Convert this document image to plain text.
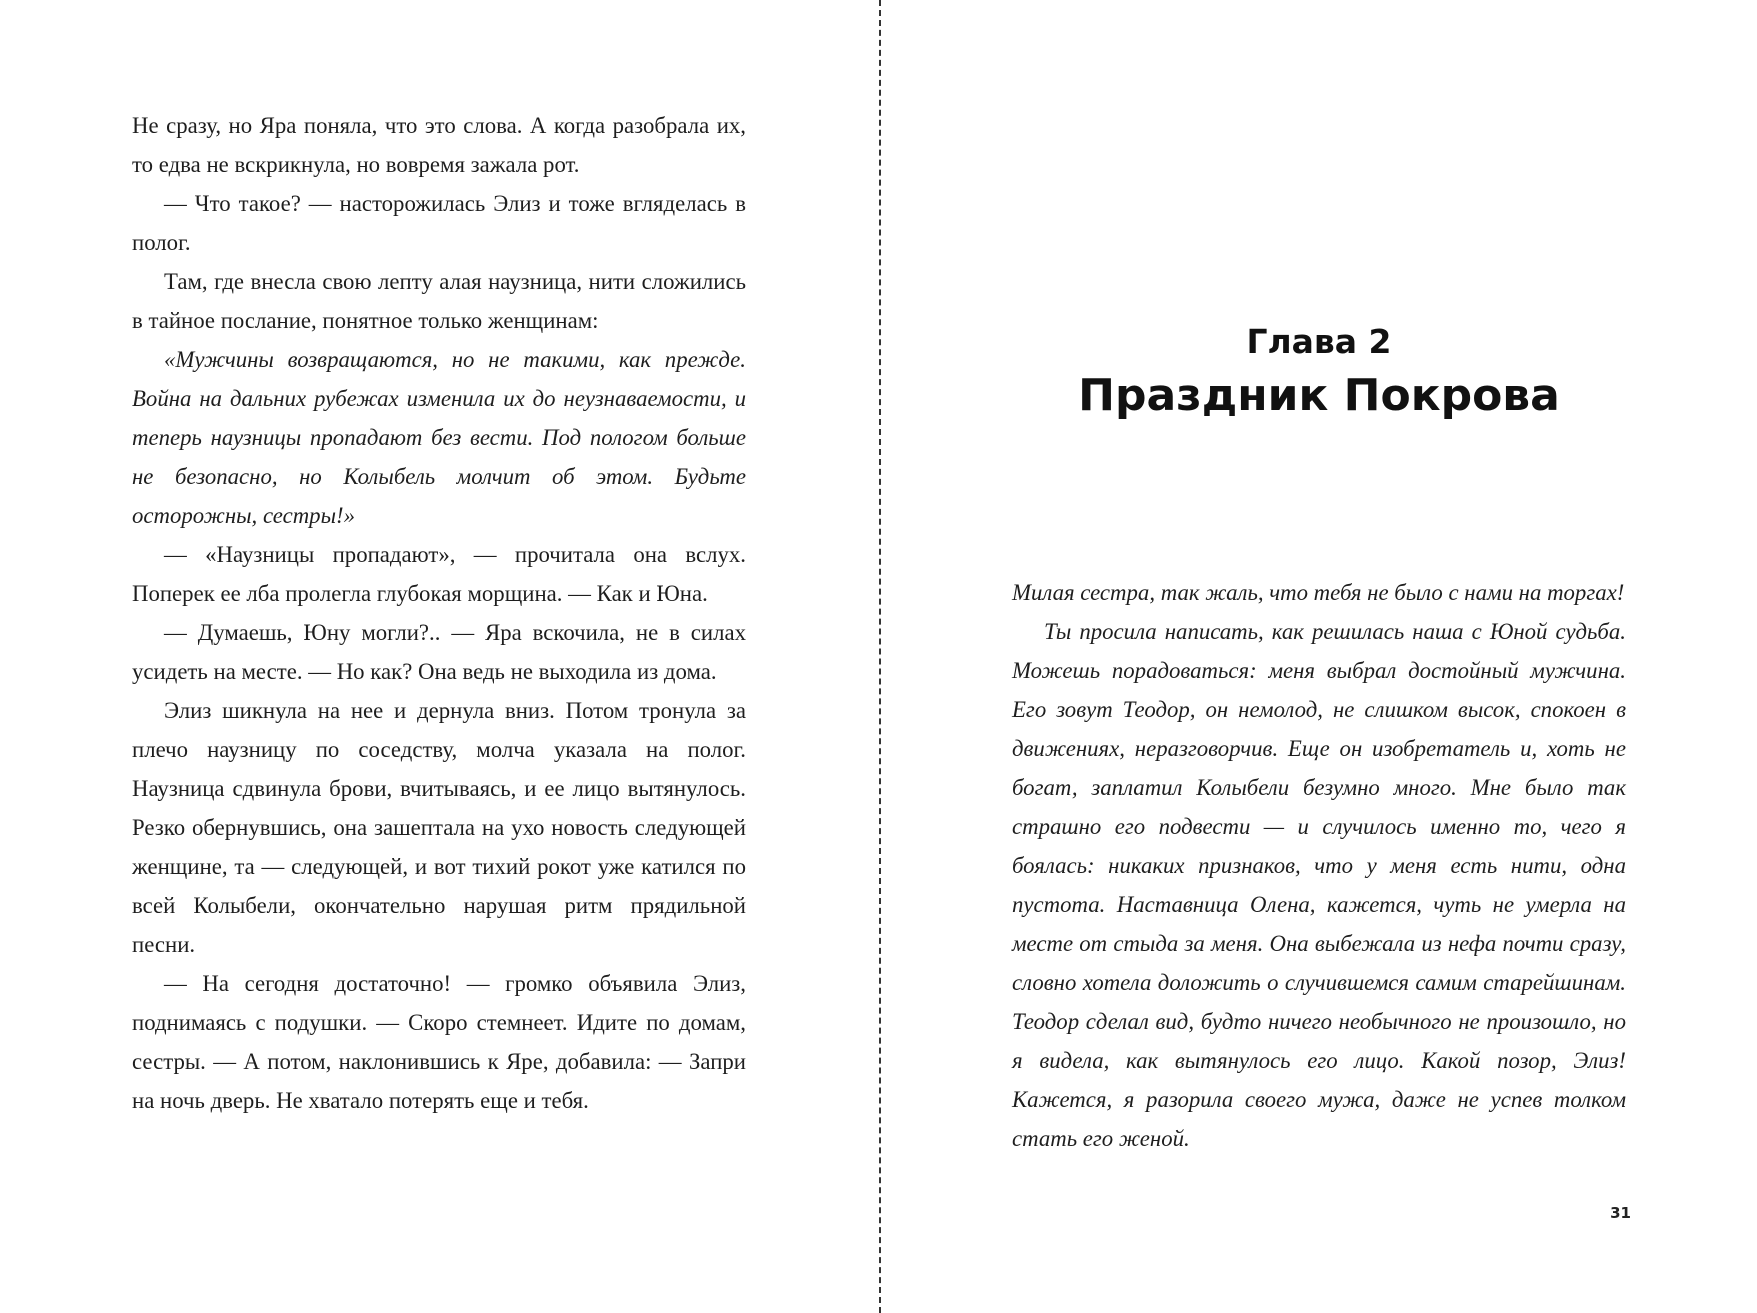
Не сразу, но Яра поняла, что это слова. А когда разобрала их, то едва не вскрикнула, но вовремя зажала рот.

— Что такое? — насторожилась Элиз и тоже вгляделась в полог.

Там, где внесла свою лепту алая наузница, нити сложились в тайное послание, понятное только женщинам:

«Мужчины возвращаются, но не такими, как прежде. Война на дальних рубежах изменила их до неузнаваемости, и теперь наузницы пропадают без вести. Под пологом больше не безопасно, но Колыбель молчит об этом. Будьте осторожны, сестры!»

— «Наузницы пропадают», — прочитала она вслух. Поперек ее лба пролегла глубокая морщина. — Как и Юна.

— Думаешь, Юну могли?.. — Яра вскочила, не в силах усидеть на месте. — Но как? Она ведь не выходила из дома.

Элиз шикнула на нее и дернула вниз. Потом тронула за плечо наузницу по соседству, молча указала на полог. Наузница сдвинула брови, вчитываясь, и ее лицо вытянулось. Резко обернувшись, она зашептала на ухо новость следующей женщине, та — следующей, и вот тихий рокот уже катился по всей Колыбели, окончательно нарушая ритм прядильной песни.

— На сегодня достаточно! — громко объявила Элиз, поднимаясь с подушки. — Скоро стемнеет. Идите по домам, сестры. — А потом, наклонившись к Яре, добавила: — Запри на ночь дверь. Не хватало потерять еще и тебя.

Глава 2
Праздник Покрова

Милая сестра, так жаль, что тебя не было с нами на торгах!

Ты просила написать, как решилась наша с Юной судьба. Можешь порадоваться: меня выбрал достойный мужчина. Его зовут Теодор, он немолод, не слишком высок, спокоен в движениях, неразговорчив. Еще он изобретатель и, хоть не богат, заплатил Колыбели безумно много. Мне было так страшно его подвести — и случилось именно то, чего я боялась: никаких признаков, что у меня есть нити, одна пустота. Наставница Олена, кажется, чуть не умерла на месте от стыда за меня. Она выбежала из нефа почти сразу, словно хотела доложить о случившемся самим старейшинам. Теодор сделал вид, будто ничего необычного не произошло, но я видела, как вытянулось его лицо. Какой позор, Элиз! Кажется, я разорила своего мужа, даже не успев толком стать его женой.

31
